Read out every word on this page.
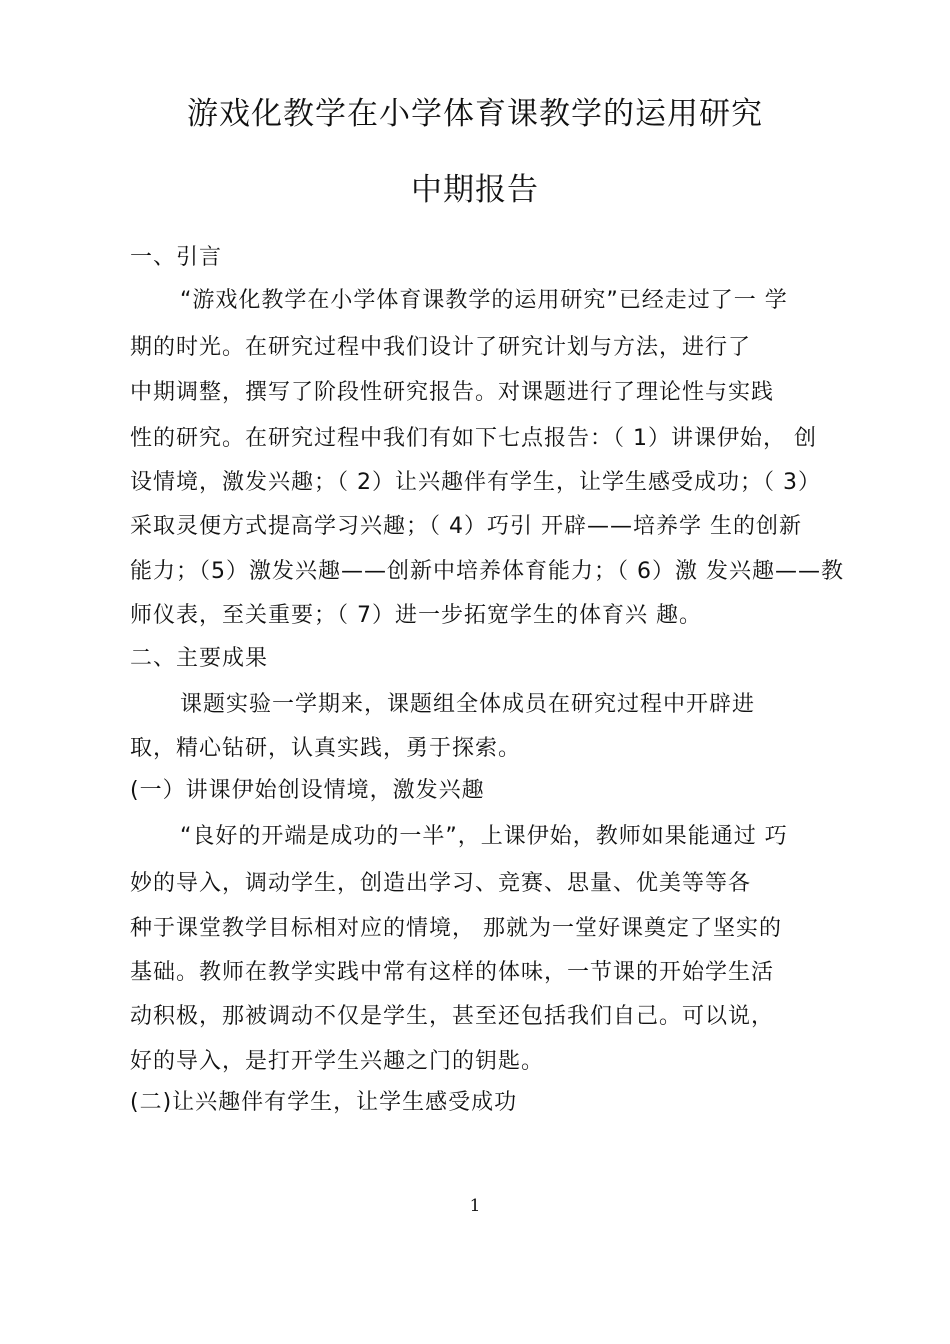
游戏化教学在小学体育课教学的运用研究
中期报告
一、引言
“游戏化教学在小学体育课教学的运用研究”已经走过了一 学
期的时光。在研究过程中我们设计了研究计划与方法，进行了
中期调整，撰写了阶段性研究报告。对课题进行了理论性与实践
性的研究。在研究过程中我们有如下七点报告：（ 1）讲课伊始， 创
设情境，激发兴趣；（ 2）让兴趣伴有学生，让学生感受成功；（ 3）
采取灵便方式提高学习兴趣；（ 4）巧引 开辟——培养学 生的创新
能力；（5）激发兴趣——创新中培养体育能力；（ 6）激 发兴趣——教
师仪表，至关重要；（ 7）进一步拓宽学生的体育兴 趣。
二、主要成果
课题实验一学期来，课题组全体成员在研究过程中开辟进
取，精心钻研，认真实践，勇于探索。
(一）讲课伊始创设情境，激发兴趣
“良好的开端是成功的一半”，上课伊始，教师如果能通过 巧
妙的导入，调动学生，创造出学习、竞赛、思量、优美等等各
种于课堂教学目标相对应的情境， 那就为一堂好课奠定了坚实的
基础。教师在教学实践中常有这样的体味，一节课的开始学生活
动积极，那被调动不仅是学生，甚至还包括我们自己。可以说，
好的导入，是打开学生兴趣之门的钥匙。
(二)让兴趣伴有学生，让学生感受成功
1
